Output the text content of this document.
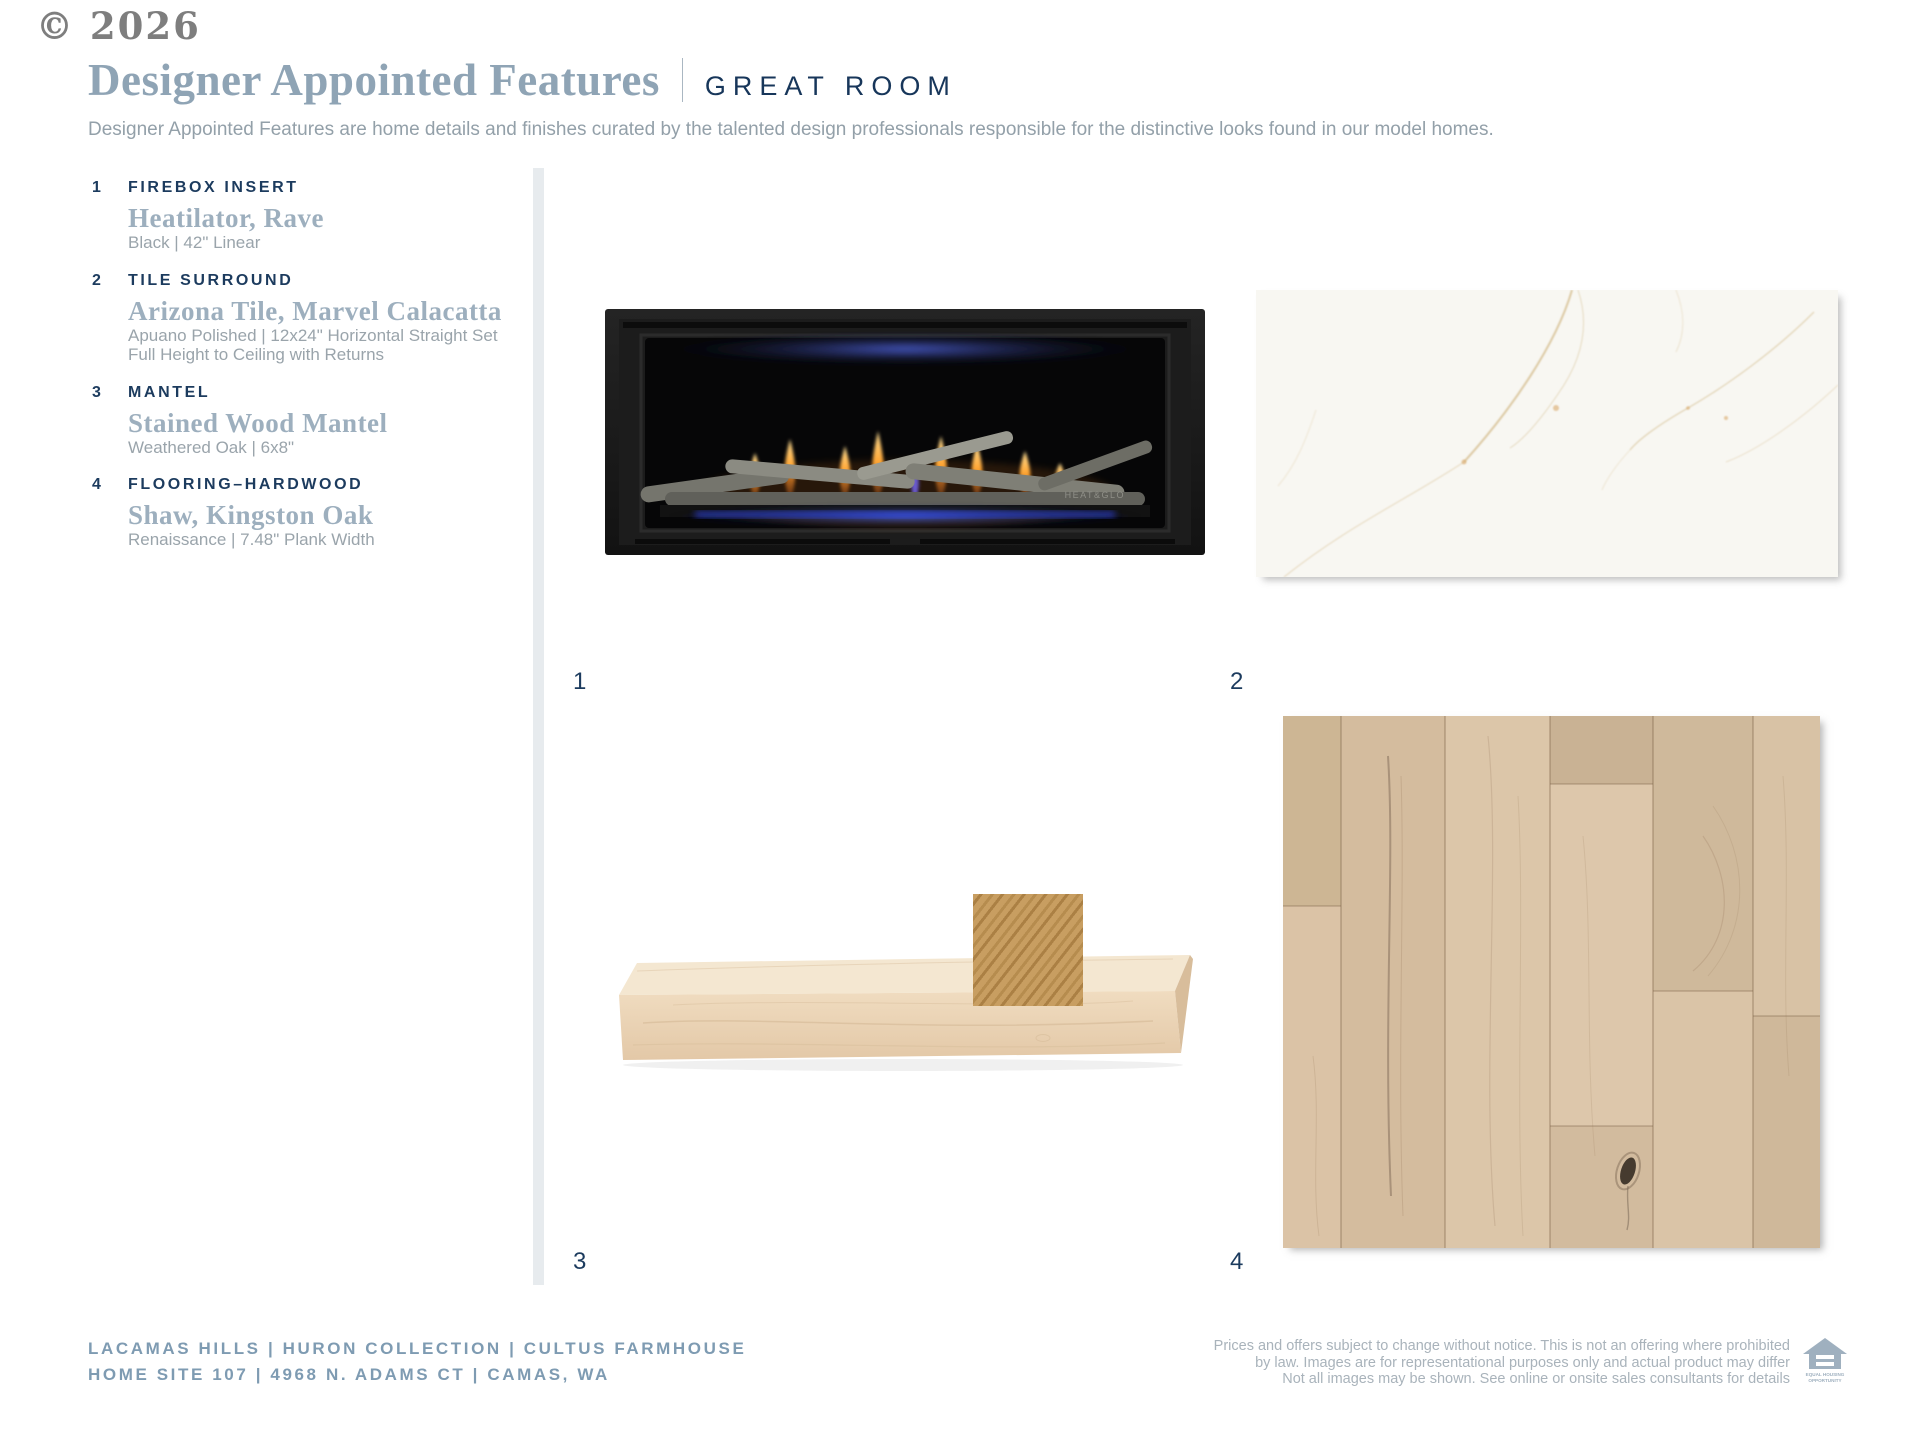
© 2026
Designer Appointed Features GREAT ROOM

Designer Appointed Features are home details and finishes curated by the talented design professionals responsible for the distinctive looks found in our model homes.

1	FIREBOX INSERT
Heatilator, Rave
Black | 42" Linear
2	TILE SURROUND
Arizona Tile, Marvel Calacatta
Apuano Polished | 12x24" Horizontal Straight Set
Full Height to Ceiling with Returns
3	MANTEL
Stained Wood Mantel
Weathered Oak | 6x8"
4	FLOORING–HARDWOOD
Shaw, Kingston Oak
Renaissance | 7.48" Plank Width
HEAT&GLO
1	2
3	4
LACAMAS HILLS | HURON COLLECTION | CULTUS FARMHOUSE
HOME SITE 107 | 4968 N. ADAMS CT | CAMAS, WA
Prices and offers subject to change without notice. This is not an offering where prohibited
by law. Images are for representational purposes only and actual product may differ
Not all images may be shown. See online or onsite sales consultants for details	EQUAL HOUSING
OPPORTUNITY
